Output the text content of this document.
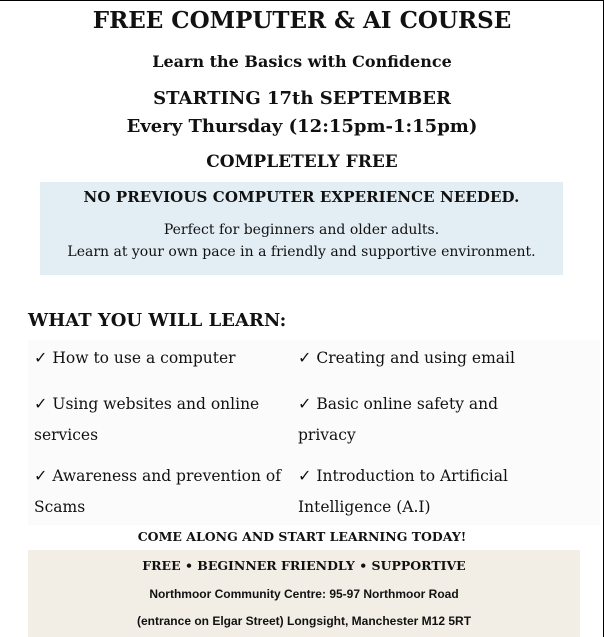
FREE COMPUTER & AI COURSE
Learn the Basics with Confidence
STARTING 17th SEPTEMBER
Every Thursday (12:15pm-1:15pm)
COMPLETELY FREE
NO PREVIOUS COMPUTER EXPERIENCE NEEDED.
Perfect for beginners and older adults.
Learn at your own pace in a friendly and supportive environment.
WHAT YOU WILL LEARN:
✓ How to use a computer	✓ Creating and using email
✓ Using websites and online
services
✓ Basic online safety and
privacy
✓ Awareness and prevention of
Scams
✓ Introduction to Artificial
Intelligence (A.I)
COME ALONG AND START LEARNING TODAY!
FREE • BEGINNER FRIENDLY • SUPPORTIVE
Northmoor Community Centre: 95-97 Northmoor Road
(entrance on Elgar Street) Longsight, Manchester M12 5RT
